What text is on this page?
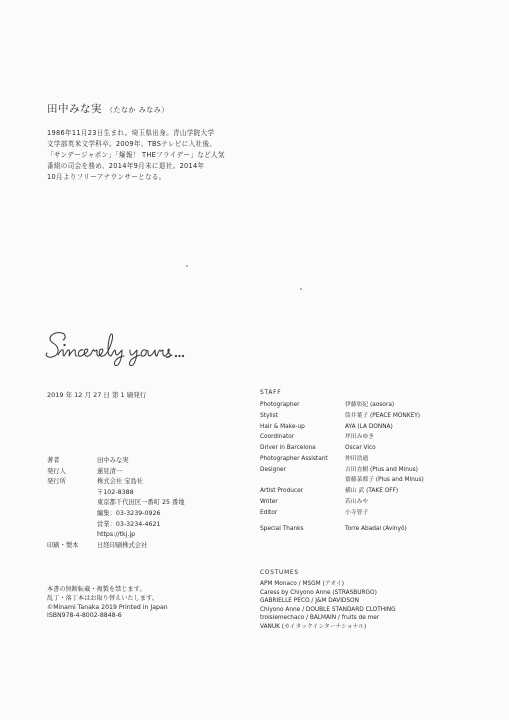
田中みな実 （たなか みなみ）
1986年11月23日生まれ。埼玉県出身。青山学院大学
文学部英米文学科卒。2009年、TBSテレビに入社後、
「サンデージャポン」「爆報！ THEフライデー」など人気
番組の司会を務め、2014年9月末に退社。2014年
10月よりフリーアナウンサーとなる。
2019 年 12 月 27 日 第 1 刷発行
著者	田中みな実
発行人	蓮見清一
発行所	株式会社 宝島社
〒102-8388
東京都千代田区一番町 25 番地
編集：03-3239-0926
営業：03-3234-4621
https://tkj.jp
印刷・製本	日経印刷株式会社
本書の無断転載・複製を禁じます。
乱丁・落丁本はお取り替えいたします。
©Minami Tanaka 2019 Printed in Japan
ISBN978-4-8002-8848-6
STAFF
Photographer	伊藤彰紀 (aosora)
Stylist	筒井葉子 (PEACE MONKEY)
Hair & Make-up	AYA (LA DONNA)
Coordinator	坪田みゆき
Driver in Barcelona	Oscar Vico
Photographer Assistant	仲田浩通
Designer	吉田直樹 (Plus and Minus)
齋藤菜都子 (Plus and Minus)
Artist Producer	横山 武 (TAKE OFF)
Writer	若山みや
Editor	小寺智子
Special Thanks	Torre Abadal (Avinyó)
COSTUMES
APM Monaco / MSGM (アオイ)
Caress by Chiyono Anne (STRASBURGO)
GABRIELLE PECO / J&M DAVIDSON
Chiyono Anne / DOUBLE STANDARD CLOTHING
troisiemechaco / BALMAIN / fruits de mer
VANUK (カイタックインターナショナル)
